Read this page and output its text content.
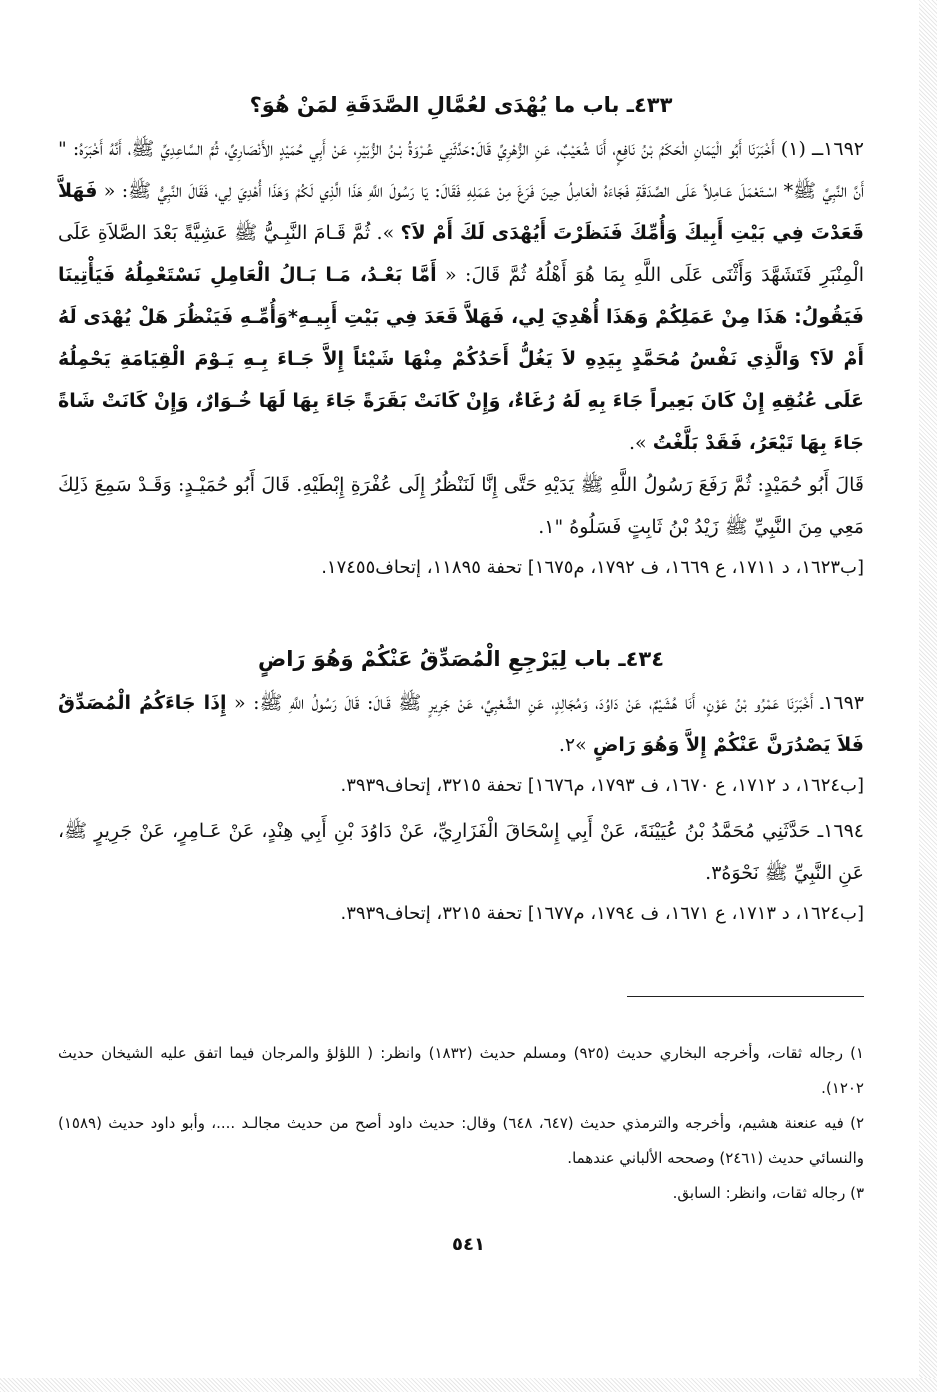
٤٣٣ـ باب ما يُهْدَى لعُمَّالِ الصَّدَقَةِ لمَنْ هُوَ؟

١٦٩٢ــ (١) أَخْبَرَنَا أَبُو الْيَمَانِ الْحَكَمُ بْنُ نَافِعٍ، أَنَا شُعَيْبٌ، عَنِ الزُّهْرِيِّ قَالَ:حَدَّثَنِي عُـرْوَةُ بْـنُ الزُّبَيْرِ، عَنْ أَبِي حُمَيْدٍ الأَنْصَارِيِّ، ثُمَّ السَّاعِدِيِّ ﷺ، أَنَّهُ أَخْبَرَهُ: " أَنَّ النَّبِيَّ ﷺ* اسْـتَعْمَلَ عَـامِلاً عَلَى الصَّدَقَةِ فَجَاءَهُ الْعَامِلُ حِينَ فَرَغَ مِنْ عَمَلِهِ فَقَالَ: يَا رَسُولَ اللَّهِ هَذَا الَّذِي لَكُمْ وَهَذَا أُهْدِيَ لِي، فَقَالَ النَّبِيُّ ﷺ: « فَهَلاَّ قَعَدْتَ فِي بَيْتِ أَبِيكَ وَأُمِّكَ فَنَظَرْتَ أَيُهْدَى لَكَ أَمْ لاَ؟ ». ثُمَّ قَـامَ النَّبِـيُّ ﷺ عَشِيَّةً بَعْدَ الصَّلاَةِ عَلَى الْمِنْبَرِ فَتَشَهَّدَ وَأَثْنَى عَلَى اللَّهِ بِمَا هُوَ أَهْلُهُ ثُمَّ قَالَ: « أَمَّا بَعْـدُ، مَـا بَـالُ الْعَامِلِ نَسْتَعْمِلُهُ فَيَأْتِينَا فَيَقُولُ: هَذَا مِنْ عَمَلِكُمْ وَهَذَا أُهْدِيَ لِي، فَهَلاَّ قَعَدَ فِي بَيْتِ أَبِيـهِ*وَأُمِّـهِ فَيَنْظُرَ هَلْ يُهْدَى لَهُ أَمْ لاَ؟ وَالَّذِي نَفْسُ مُحَمَّدٍ بِيَدِهِ لاَ يَغُلُّ أَحَدُكُمْ مِنْهَا شَيْئاً إِلاَّ جَـاءَ بِـهِ يَـوْمَ الْقِيَامَةِ يَحْمِلُهُ عَلَى عُنُقِهِ إِنْ كَانَ بَعِيراً جَاءَ بِهِ لَهُ رُغَاءٌ، وَإِنْ كَانَتْ بَقَرَةً جَاءَ بِهَا لَهَا خُـوَارٌ، وَإِنْ كَانَتْ شَاةً جَاءَ بِهَا تَيْعَرُ، فَقَدْ بَلَّغْتُ ».

قَالَ أَبُو حُمَيْدٍ: ثُمَّ رَفَعَ رَسُولُ اللَّهِ ﷺ يَدَيْهِ حَتَّى إِنَّا لَنَنْظُرُ إِلَى عُفْرَةِ إِبْطَيْهِ. قَالَ أَبُو حُمَيْـدٍ: وَقَـدْ سَمِعَ ذَلِكَ مَعِي مِنَ النَّبِيِّ ﷺ زَيْدُ بْنُ ثَابِتٍ فَسَلُوهُ "١.

[ب١٦٢٣، د ١٧١١، ع ١٦٦٩، ف ١٧٩٢، م١٦٧٥] تحفة ١١٨٩٥، إتحاف١٧٤٥٥.

٤٣٤ـ باب لِيَرْجِعِ الْمُصَدِّقُ عَنْكُمْ وَهُوَ رَاضٍ

١٦٩٣ـ أَخْبَرَنَا عَمْرُو بْنُ عَوْنٍ، أَنَا هُشَيْمٌ، عَنْ دَاوُدَ، وَمُجَالِدٍ، عَنِ الشَّعْبِيِّ، عَنْ جَرِيرٍ ﷺ قَـالَ: قَالَ رَسُولُ اللَّهِ ﷺ: « إِذَا جَاءَكُمُ الْمُصَدِّقُ فَلاَ يَصْدُرَنَّ عَنْكُمْ إِلاَّ وَهُوَ رَاضٍ »٢.

[ب١٦٢٤، د ١٧١٢، ع ١٦٧٠، ف ١٧٩٣، م١٦٧٦] تحفة ٣٢١٥، إتحاف٣٩٣٩.

١٦٩٤ـ حَدَّثَنِي مُحَمَّدُ بْنُ عُيَيْنَةَ، عَنْ أَبِي إِسْحَاقَ الْفَزَارِيِّ، عَنْ دَاوُدَ بْنِ أَبِي هِنْدٍ، عَنْ عَـامِرٍ، عَنْ جَرِيرٍ ﷺ، عَنِ النَّبِيِّ ﷺ نَحْوَهُ٣.

[ب١٦٢٤، د ١٧١٣، ع ١٦٧١، ف ١٧٩٤، م١٦٧٧] تحفة ٣٢١٥، إتحاف٣٩٣٩.

١) رجاله ثقات، وأخرجه البخاري حديث (٩٢٥) ومسلم حديث (١٨٣٢) وانظر: ( اللؤلؤ والمرجان فيما اتفق عليه الشيخان حديث ١٢٠٢).

٢) فيه عنعنة هشيم، وأخرجه والترمذي حديث (٦٤٧، ٦٤٨) وقال: حديث داود أصح من حديث مجالـد ....، وأبو داود حديث (١٥٨٩) والنسائي حديث (٢٤٦١) وصححه الألباني عندهما.

٣) رجاله ثقات، وانظر: السابق.

٥٤١
